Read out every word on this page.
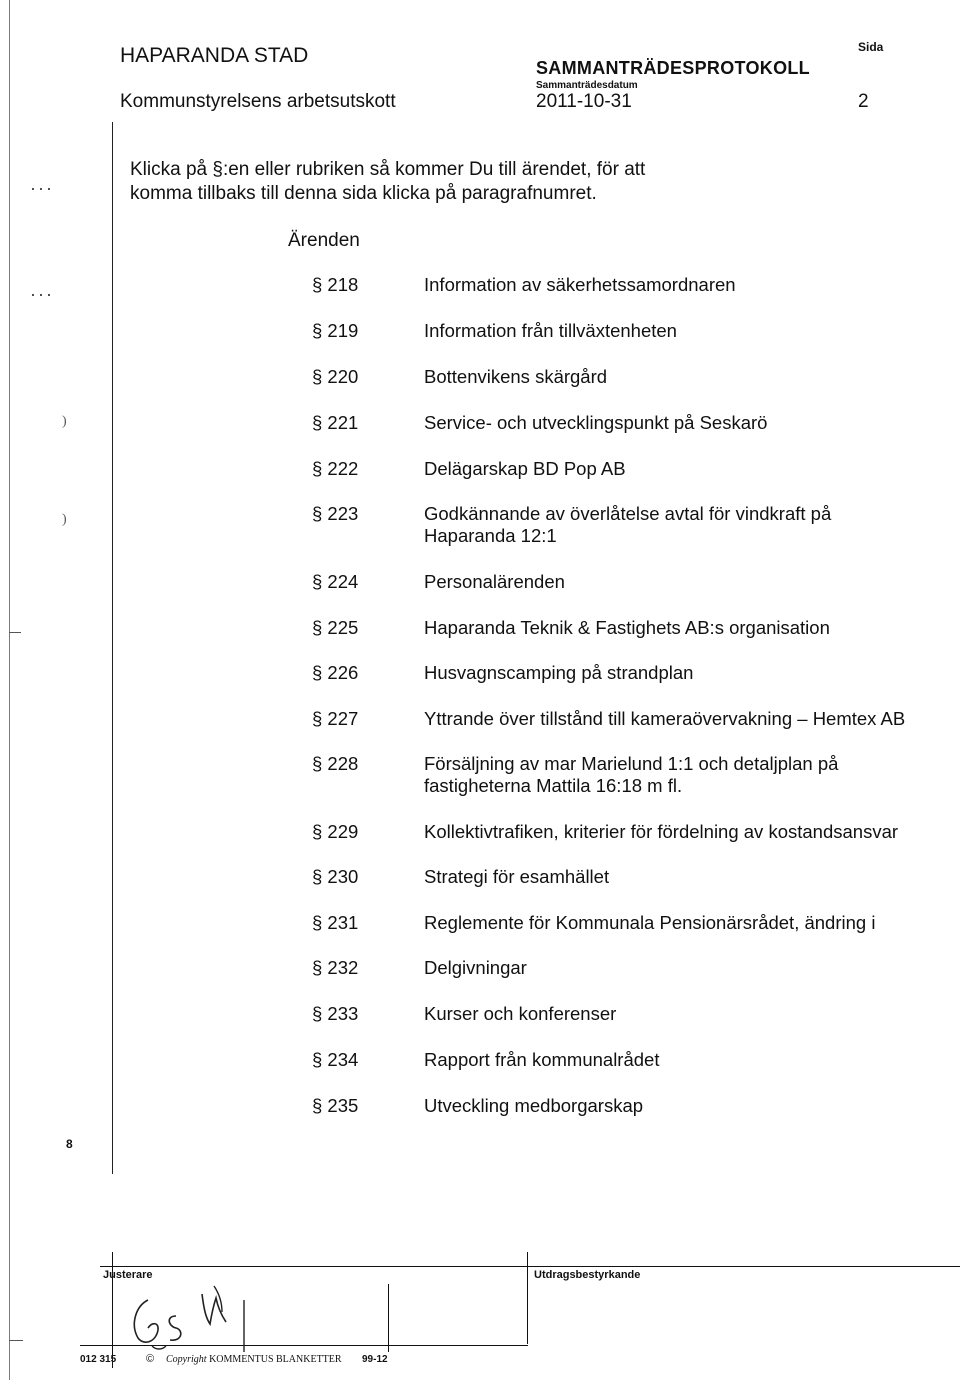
···
···
)
)
HAPARANDA STAD
Kommunstyrelsens arbetsutskott
SAMMANTRÄDESPROTOKOLL
Sammanträdesdatum
2011-10-31
Sida
2
Klicka på §:en eller rubriken så kommer Du till ärendet, för att komma tillbaks till denna sida klicka på paragrafnumret.
Ärenden
§ 218	Information av säkerhetssamordnaren
§ 219	Information från tillväxtenheten
§ 220	Bottenvikens skärgård
§ 221	Service- och utvecklingspunkt på Seskarö
§ 222	Delägarskap BD Pop AB
§ 223	Godkännande av överlåtelse avtal för vindkraft på Haparanda 12:1
§ 224	Personalärenden
§ 225	Haparanda Teknik & Fastighets AB:s organisation
§ 226	Husvagnscamping på strandplan
§ 227	Yttrande över tillstånd till kameraövervakning – Hemtex AB
§ 228	Försäljning av mar Marielund 1:1 och detaljplan på fastigheterna Mattila 16:18 m fl.
§ 229	Kollektivtrafiken, kriterier för fördelning av kostandsansvar
§ 230	Strategi för esamhället
§ 231	Reglemente för Kommunala Pensionärsrådet, ändring i
§ 232	Delgivningar
§ 233	Kurser och konferenser
§ 234	Rapport från kommunalrådet
§ 235	Utveckling medborgarskap
8
Justerare	Utdragsbestyrkande
012 315	© Copyright KOMMENTUS BLANKETTER 99-12
